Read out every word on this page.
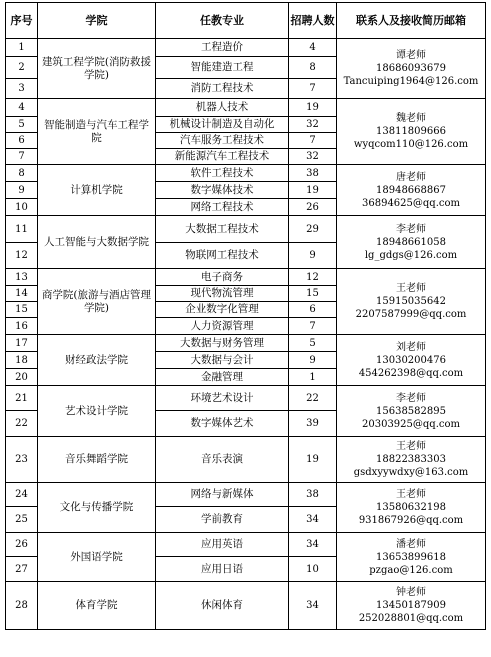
序号	学院	任教专业	招聘人数	联系人及接收简历邮箱
1	建筑工程学院(消防救援学院)	工程造价	4	谭老师
18686093679
Tancuiping1964@126.com

2		智能建造工程	8	
3		消防工程技术	7	
4	智能制造与汽车工程学院	机器人技术	19	魏老师
13811809666
wyqcom110@126.com

5		机械设计制造及自动化	32	
6		汽车服务工程技术	7	
7		新能源汽车工程技术	32	
8	计算机学院	软件工程技术	38	唐老师
18948668867
36894625@qq.com

9		数字媒体技术	19	
10		网络工程技术	26	
11	人工智能与大数据学院	大数据工程技术	29	李老师
18948661058
lg_gdgs@126.com

12		物联网工程技术	9	
13	商学院(旅游与酒店管理学院)	电子商务	12	王老师
15915035642
2207587999@qq.com

14		现代物流管理	15	
15		企业数字化管理	6	
16		人力资源管理	7	
17	财经政法学院	大数据与财务管理	5	刘老师
13030200476
454262398@qq.com

18		大数据与会计	9	
20		金融管理	1	
21	艺术设计学院	环境艺术设计	22	李老师
15638582895
20303925@qq.com

22		数字媒体艺术	39	
23	音乐舞蹈学院	音乐表演	19	王老师
18822383303
gsdxyywdxy@163.com

24	文化与传播学院	网络与新媒体	38	王老师
13580632198
931867926@qq.com

25		学前教育	34	
26	外国语学院	应用英语	34	潘老师
13653899618
pzgao@126.com

27		应用日语	10	
28	体育学院	休闲体育	34	钟老师
13450187909
252028801@qq.com
